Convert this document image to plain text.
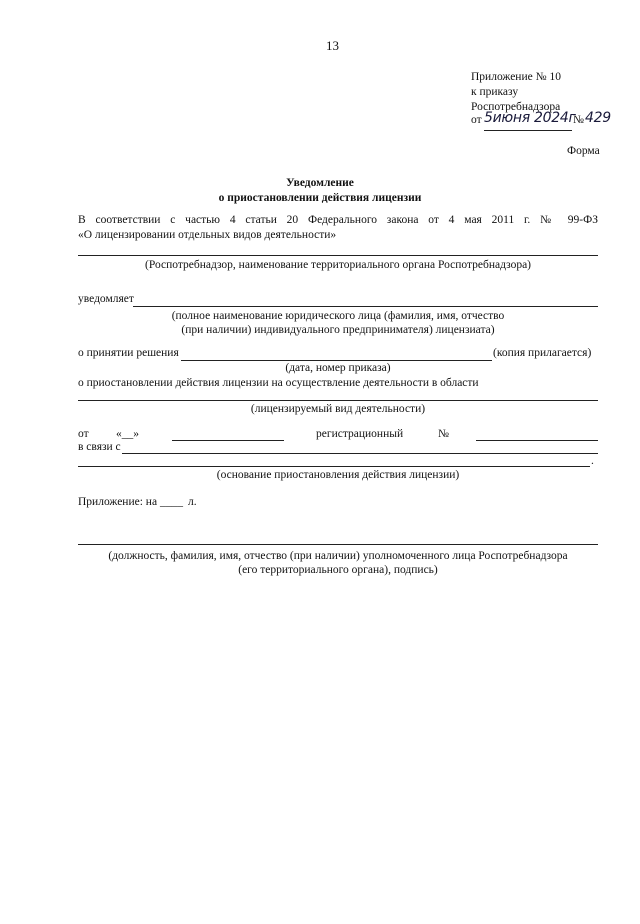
13
Приложение № 10
к приказу
Роспотребнадзора
от 5июня 2024г
№ 429
Форма
Уведомление
о приостановлении действия лицензии
В соответствии с частью 4 статьи 20 Федерального закона от 4 мая 2011 г. № 99-ФЗ
«О лицензировании отдельных видов деятельности»
(Роспотребнадзор, наименование территориального органа Роспотребнадзора)
уведомляет
(полное наименование юридического лица (фамилия, имя, отчество
(при наличии) индивидуального предпринимателя) лицензиата)
о принятии решения	(копия прилагается)
(дата, номер приказа)
о приостановлении действия лицензии на осуществление деятельности в области
(лицензируемый вид деятельности)
от «__»	регистрационный	№
в связи с
.
(основание приостановления действия лицензии)
Приложение: на ____ л.
(должность, фамилия, имя, отчество (при наличии) уполномоченного лица Роспотребнадзора
(его территориального органа), подпись)
